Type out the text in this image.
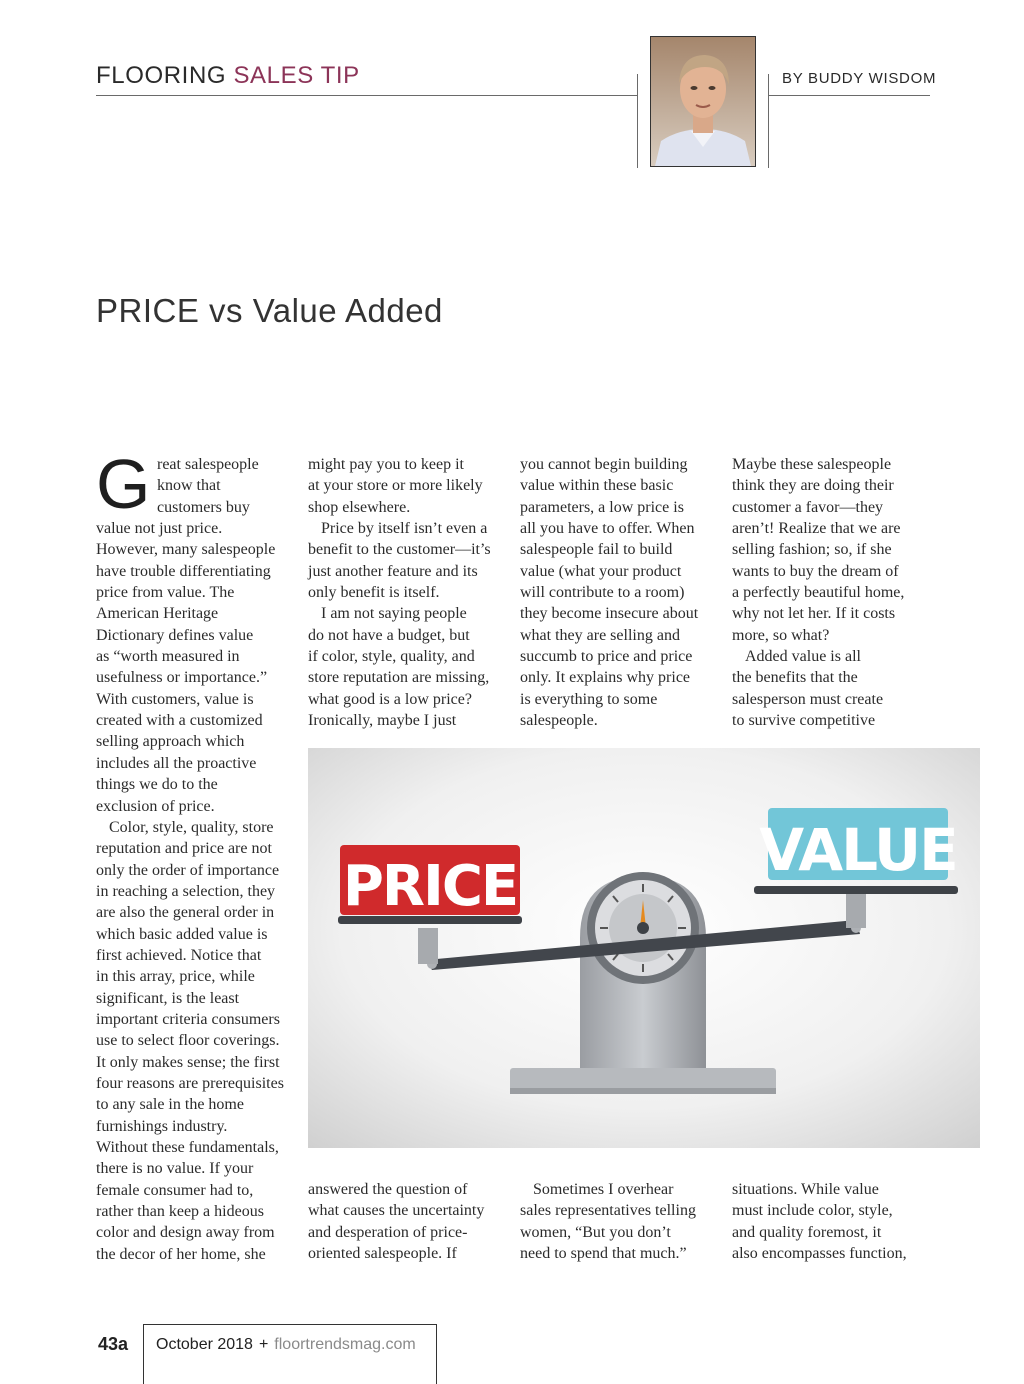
FLOORING SALES TIP	BY BUDDY WISDOM
PRICE vs Value Added
G reat salespeople
know that
customers buy
value not just price.
However, many salespeople
have trouble differentiating
price from value. The
American Heritage
Dictionary defines value
as “worth measured in
usefulness or importance.”
With customers, value is
created with a customized
selling approach which
includes all the proactive
things we do to the
exclusion of price.
Color, style, quality, store
reputation and price are not
only the order of importance
in reaching a selection, they
are also the general order in
which basic added value is
first achieved. Notice that
in this array, price, while
significant, is the least
important criteria consumers
use to select floor coverings.
It only makes sense; the first
four reasons are prerequisites
to any sale in the home
furnishings industry.
Without these fundamentals,
there is no value. If your
female consumer had to,
rather than keep a hideous
color and design away from
the decor of her home, she
might pay you to keep it
at your store or more likely
shop elsewhere.
Price by itself isn’t even a
benefit to the customer—it’s
just another feature and its
only benefit is itself.
I am not saying people
do not have a budget, but
if color, style, quality, and
store reputation are missing,
what good is a low price?
Ironically, maybe I just
you cannot begin building
value within these basic
parameters, a low price is
all you have to offer. When
salespeople fail to build
value (what your product
will contribute to a room)
they become insecure about
what they are selling and
succumb to price and price
only. It explains why price
is everything to some
salespeople.
Maybe these salespeople
think they are doing their
customer a favor—they
aren’t! Realize that we are
selling fashion; so, if she
wants to buy the dream of
a perfectly beautiful home,
why not let her. If it costs
more, so what?
Added value is all
the benefits that the
salesperson must create
to survive competitive
PRICE
VALUE
answered the question of
what causes the uncertainty
and desperation of price-
oriented salespeople. If
Sometimes I overhear
sales representatives telling
women, “But you don’t
need to spend that much.”
situations. While value
must include color, style,
and quality foremost, it
also encompasses function,
43a October 2018 + floortrendsmag.com
